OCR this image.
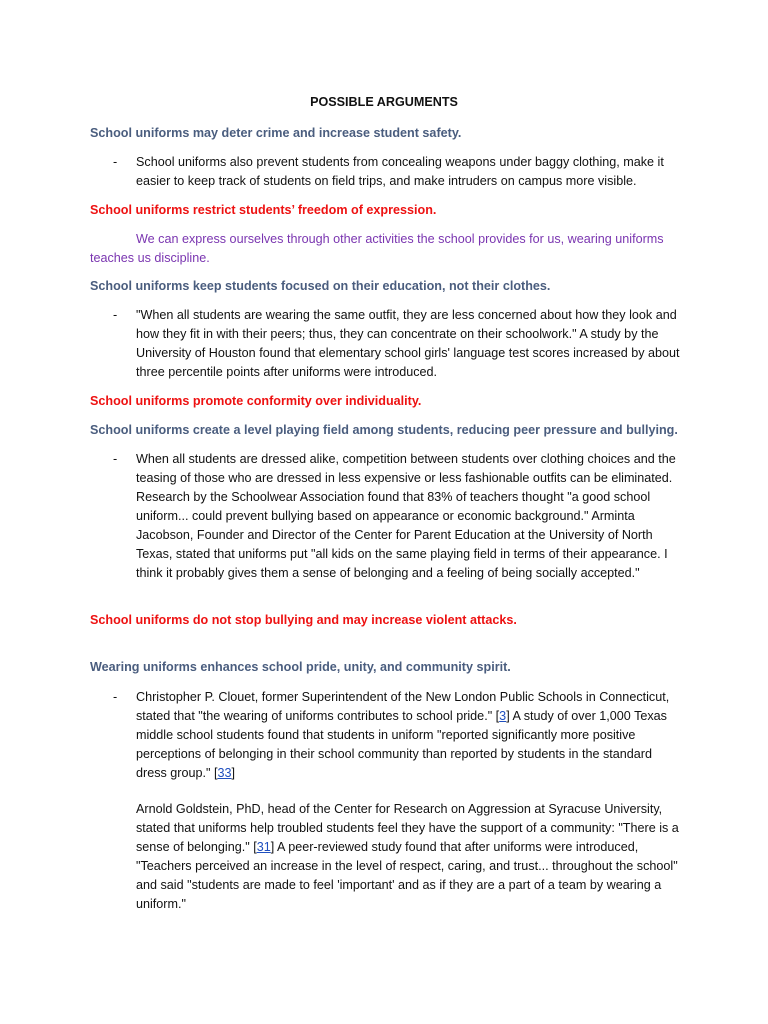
POSSIBLE ARGUMENTS
School uniforms may deter crime and increase student safety.
- School uniforms also prevent students from concealing weapons under baggy clothing, make it easier to keep track of students on field trips, and make intruders on campus more visible.
School uniforms restrict students’ freedom of expression.
We can express ourselves through other activities the school provides for us, wearing uniforms teaches us discipline.
School uniforms keep students focused on their education, not their clothes.
- "When all students are wearing the same outfit, they are less concerned about how they look and how they fit in with their peers; thus, they can concentrate on their schoolwork." A study by the University of Houston found that elementary school girls' language test scores increased by about three percentile points after uniforms were introduced.
School uniforms promote conformity over individuality.
School uniforms create a level playing field among students, reducing peer pressure and bullying.
- When all students are dressed alike, competition between students over clothing choices and the teasing of those who are dressed in less expensive or less fashionable outfits can be eliminated. Research by the Schoolwear Association found that 83% of teachers thought "a good school uniform... could prevent bullying based on appearance or economic background." Arminta Jacobson, Founder and Director of the Center for Parent Education at the University of North Texas, stated that uniforms put "all kids on the same playing field in terms of their appearance. I think it probably gives them a sense of belonging and a feeling of being socially accepted."
School uniforms do not stop bullying and may increase violent attacks.
Wearing uniforms enhances school pride, unity, and community spirit.
- Christopher P. Clouet, former Superintendent of the New London Public Schools in Connecticut, stated that "the wearing of uniforms contributes to school pride." [3] A study of over 1,000 Texas middle school students found that students in uniform "reported significantly more positive perceptions of belonging in their school community than reported by students in the standard dress group." [33]
Arnold Goldstein, PhD, head of the Center for Research on Aggression at Syracuse University, stated that uniforms help troubled students feel they have the support of a community: "There is a sense of belonging." [31] A peer-reviewed study found that after uniforms were introduced, "Teachers perceived an increase in the level of respect, caring, and trust... throughout the school" and said "students are made to feel 'important' and as if they are a part of a team by wearing a uniform."
